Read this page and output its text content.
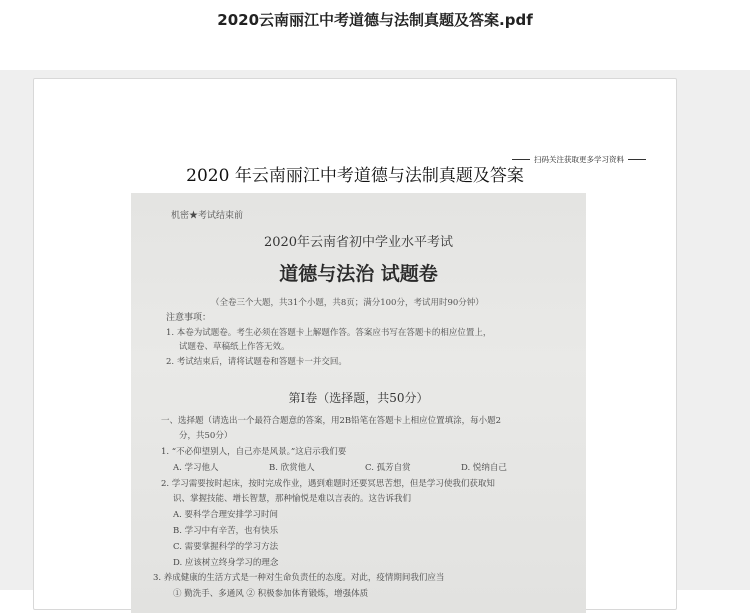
2020云南丽江中考道德与法制真题及答案.pdf
扫码关注获取更多学习资料
2020 年云南丽江中考道德与法制真题及答案
机密★考试结束前
2020年云南省初中学业水平考试
道德与法治 试题卷
（全卷三个大题，共31个小题，共8页；满分100分，考试用时90分钟）
注意事项：
1. 本卷为试题卷。考生必须在答题卡上解题作答。答案应书写在答题卡的相应位置上，
试题卷、草稿纸上作答无效。
2. 考试结束后，请将试题卷和答题卡一并交回。
第Ⅰ卷（选择题，共50分）
一、选择题（请选出一个最符合题意的答案，用2B铅笔在答题卡上相应位置填涂，每小题2
分，共50分）
1. “不必仰望别人，自己亦是风景。”这启示我们要
A. 学习他人	B. 欣赏他人	C. 孤芳自赏	D. 悦纳自己
2. 学习需要按时起床，按时完成作业，遇到难题时还要冥思苦想，但是学习使我们获取知
识、掌握技能、增长智慧，那种愉悦是难以言表的。这告诉我们
A. 要科学合理安排学习时间
B. 学习中有辛苦，也有快乐
C. 需要掌握科学的学习方法
D. 应该树立终身学习的理念
3. 养成健康的生活方式是一种对生命负责任的态度。对此，疫情期间我们应当
① 勤洗手、多通风 ② 积极参加体育锻炼，增强体质
